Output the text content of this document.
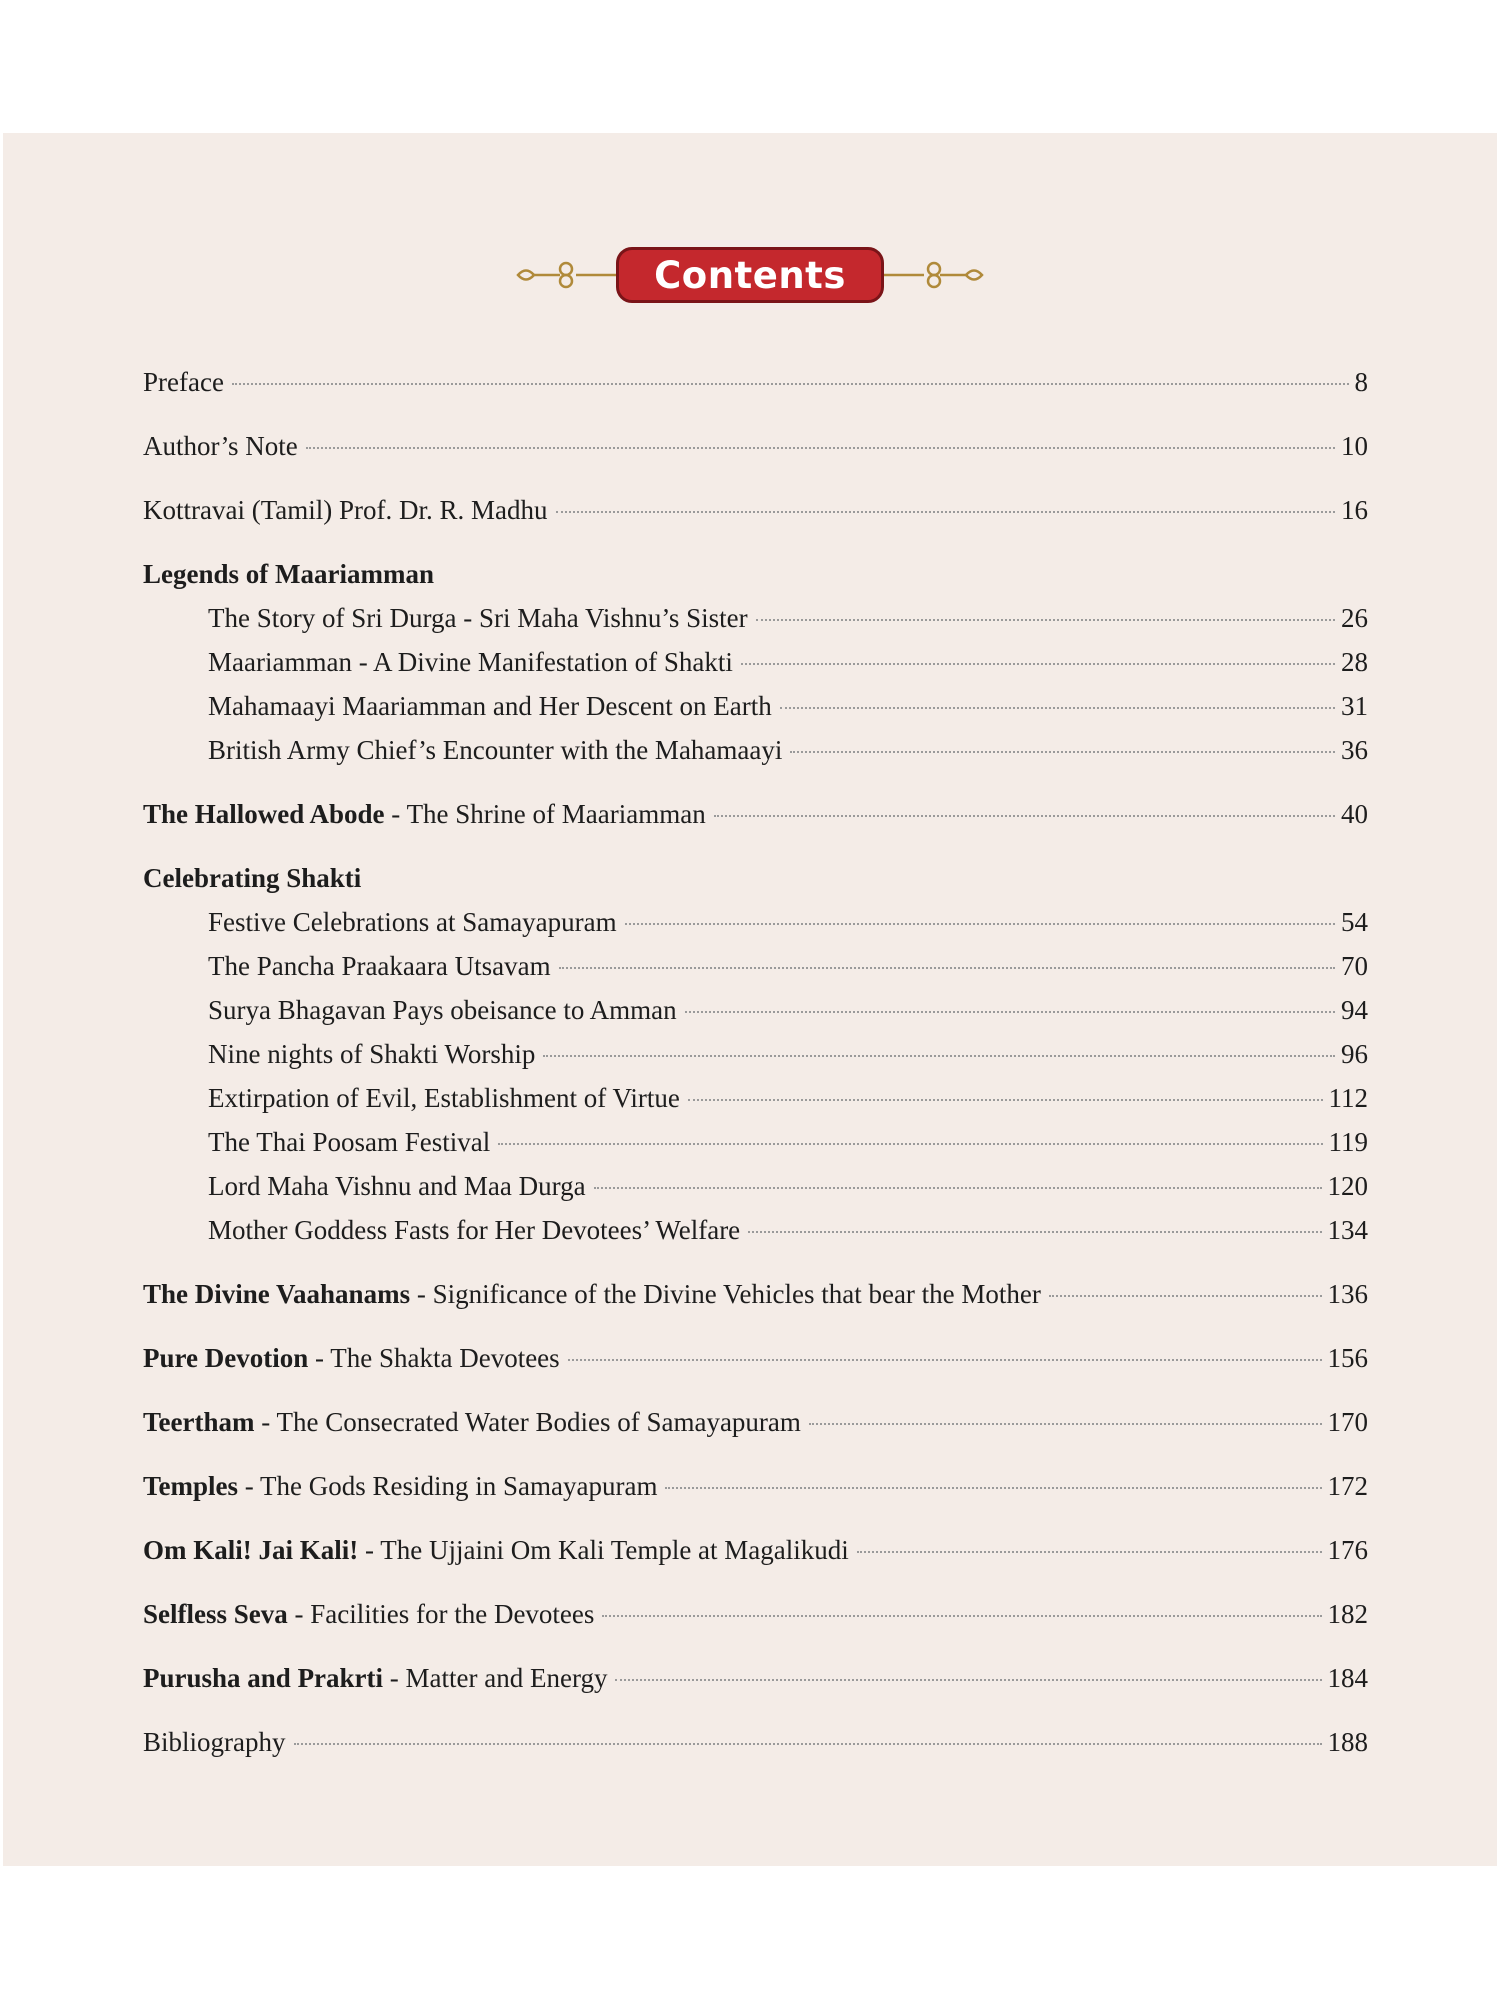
Contents
Preface	8
Author’s Note	10
Kottravai (Tamil) Prof. Dr. R. Madhu	16
Legends of Maariamman
The Story of Sri Durga - Sri Maha Vishnu’s Sister	26
Maariamman - A Divine Manifestation of Shakti	28
Mahamaayi Maariamman and Her Descent on Earth	31
British Army Chief’s Encounter with the Mahamaayi	36
The Hallowed Abode - The Shrine of Maariamman	40
Celebrating Shakti
Festive Celebrations at Samayapuram	54
The Pancha Praakaara Utsavam	70
Surya Bhagavan Pays obeisance to Amman	94
Nine nights of Shakti Worship	96
Extirpation of Evil, Establishment of Virtue	112
The Thai Poosam Festival	119
Lord Maha Vishnu and Maa Durga	120
Mother Goddess Fasts for Her Devotees’ Welfare	134
The Divine Vaahanams - Significance of the Divine Vehicles that bear the Mother	136
Pure Devotion - The Shakta Devotees	156
Teertham - The Consecrated Water Bodies of Samayapuram	170
Temples - The Gods Residing in Samayapuram	172
Om Kali! Jai Kali! - The Ujjaini Om Kali Temple at Magalikudi	176
Selfless Seva - Facilities for the Devotees	182
Purusha and Prakrti - Matter and Energy	184
Bibliography	188
